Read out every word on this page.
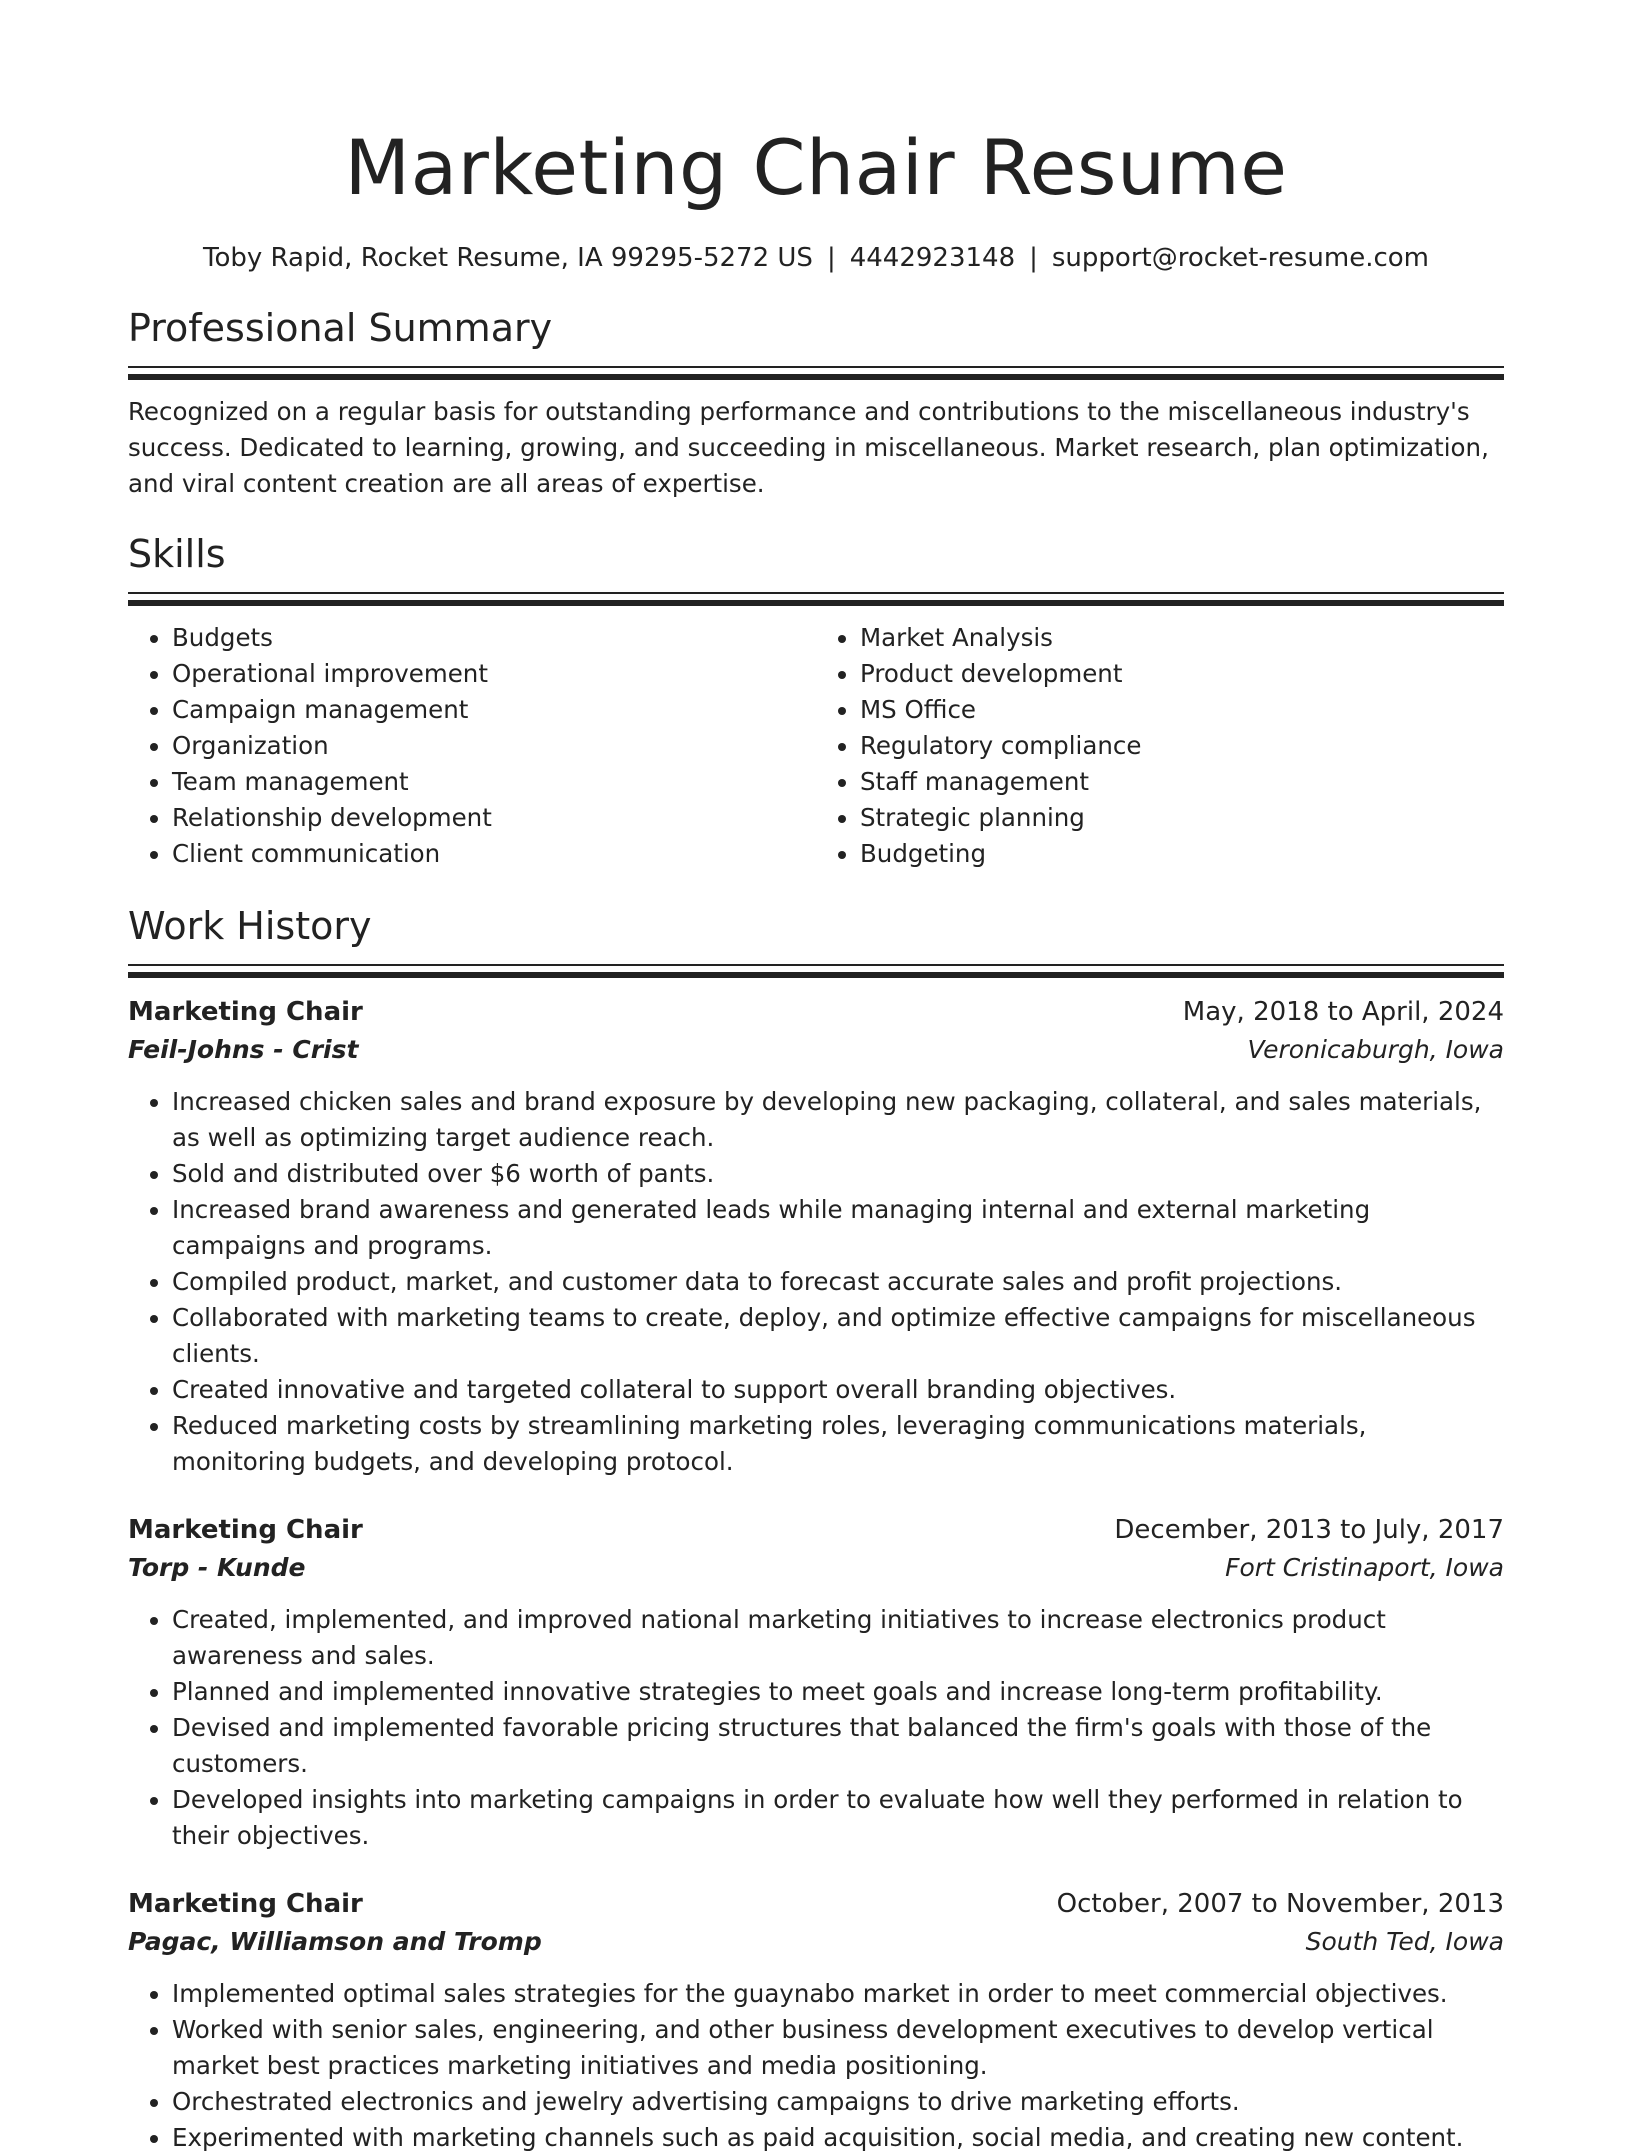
Marketing Chair Resume
Toby Rapid, Rocket Resume, IA 99295-5272 US | 4442923148 | support@rocket-resume.com
Professional Summary

Recognized on a regular basis for outstanding performance and contributions to the miscellaneous industry's success. Dedicated to learning, growing, and succeeding in miscellaneous. Market research, plan optimization, and viral content creation are all areas of expertise.

Skills
• Budgets
• Operational improvement
• Campaign management
• Organization
• Team management
• Relationship development
• Client communication
• Market Analysis
• Product development
• MS Office
• Regulatory compliance
• Staff management
• Strategic planning
• Budgeting
Work History
Marketing Chair	May, 2018 to April, 2024
Feil-Johns - Crist	Veronicaburgh, Iowa
• Increased chicken sales and brand exposure by developing new packaging, collateral, and sales materials, as well as optimizing target audience reach.
• Sold and distributed over $6 worth of pants.
• Increased brand awareness and generated leads while managing internal and external marketing campaigns and programs.
• Compiled product, market, and customer data to forecast accurate sales and profit projections.
• Collaborated with marketing teams to create, deploy, and optimize effective campaigns for miscellaneous clients.
• Created innovative and targeted collateral to support overall branding objectives.
• Reduced marketing costs by streamlining marketing roles, leveraging communications materials, monitoring budgets, and developing protocol.
Marketing Chair	December, 2013 to July, 2017
Torp - Kunde	Fort Cristinaport, Iowa
• Created, implemented, and improved national marketing initiatives to increase electronics product awareness and sales.
• Planned and implemented innovative strategies to meet goals and increase long-term profitability.
• Devised and implemented favorable pricing structures that balanced the firm's goals with those of the customers.
• Developed insights into marketing campaigns in order to evaluate how well they performed in relation to their objectives.
Marketing Chair	October, 2007 to November, 2013
Pagac, Williamson and Tromp	South Ted, Iowa
• Implemented optimal sales strategies for the guaynabo market in order to meet commercial objectives.
• Worked with senior sales, engineering, and other business development executives to develop vertical market best practices marketing initiatives and media positioning.
• Orchestrated electronics and jewelry advertising campaigns to drive marketing efforts.
• Experimented with marketing channels such as paid acquisition, social media, and creating new content.
